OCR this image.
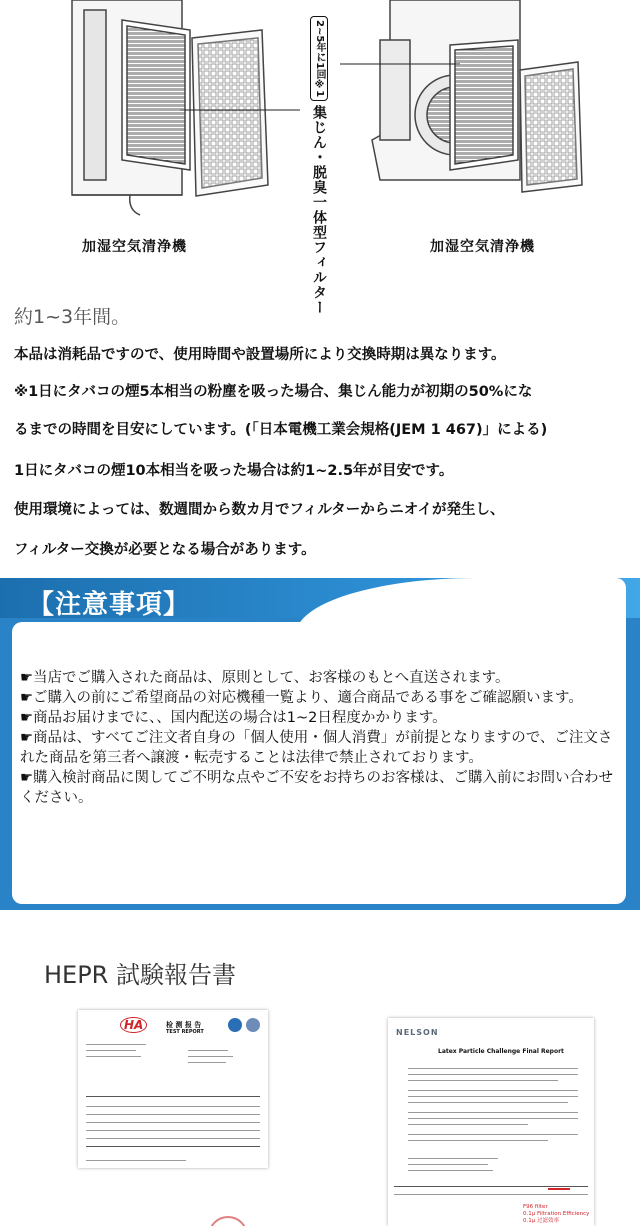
2~5年に1回※1
集じん・脱臭一体型フィルター
加湿空気清浄機	加湿空気清浄機
約1~3年間。
本品は消耗品ですので、使用時間や設置場所により交換時期は異なります。
※1日にタバコの煙5本相当の粉塵を吸った場合、集じん能力が初期の50%にな
るまでの時間を目安にしています。(「日本電機工業会規格(JEM 1 467)」による)
1日にタバコの煙10本相当を吸った場合は約1~2.5年が目安です。
使用環境によっては、数週間から数カ月でフィルターからニオイが発生し、
フィルター交換が必要となる場合があります。
【注意事項】

☛当店でご購入された商品は、原則として、お客様のもとへ直送されます。

☛ご購入の前にご希望商品の対応機種一覧より、適合商品である事をご確認願います。

☛商品お届けまでに、、国内配送の場合は1~2日程度かかります。

☛商品は、すべてご注文者自身の「個人使用・個人消費」が前提となりますので、ご注文された商品を第三者へ譲渡・転売することは法律で禁止されております。

☛購入検討商品に関してご不明な点やご不安をお持ちのお客様は、ご購入前にお問い合わせください。

HEPR 試験報告書
HA	检 测 报 告
TEST REPORT	NELSON
Latex Particle Challenge Final Report
F96 filter
0.1μ Filtration Efficiency
0.1μ 过滤效率
